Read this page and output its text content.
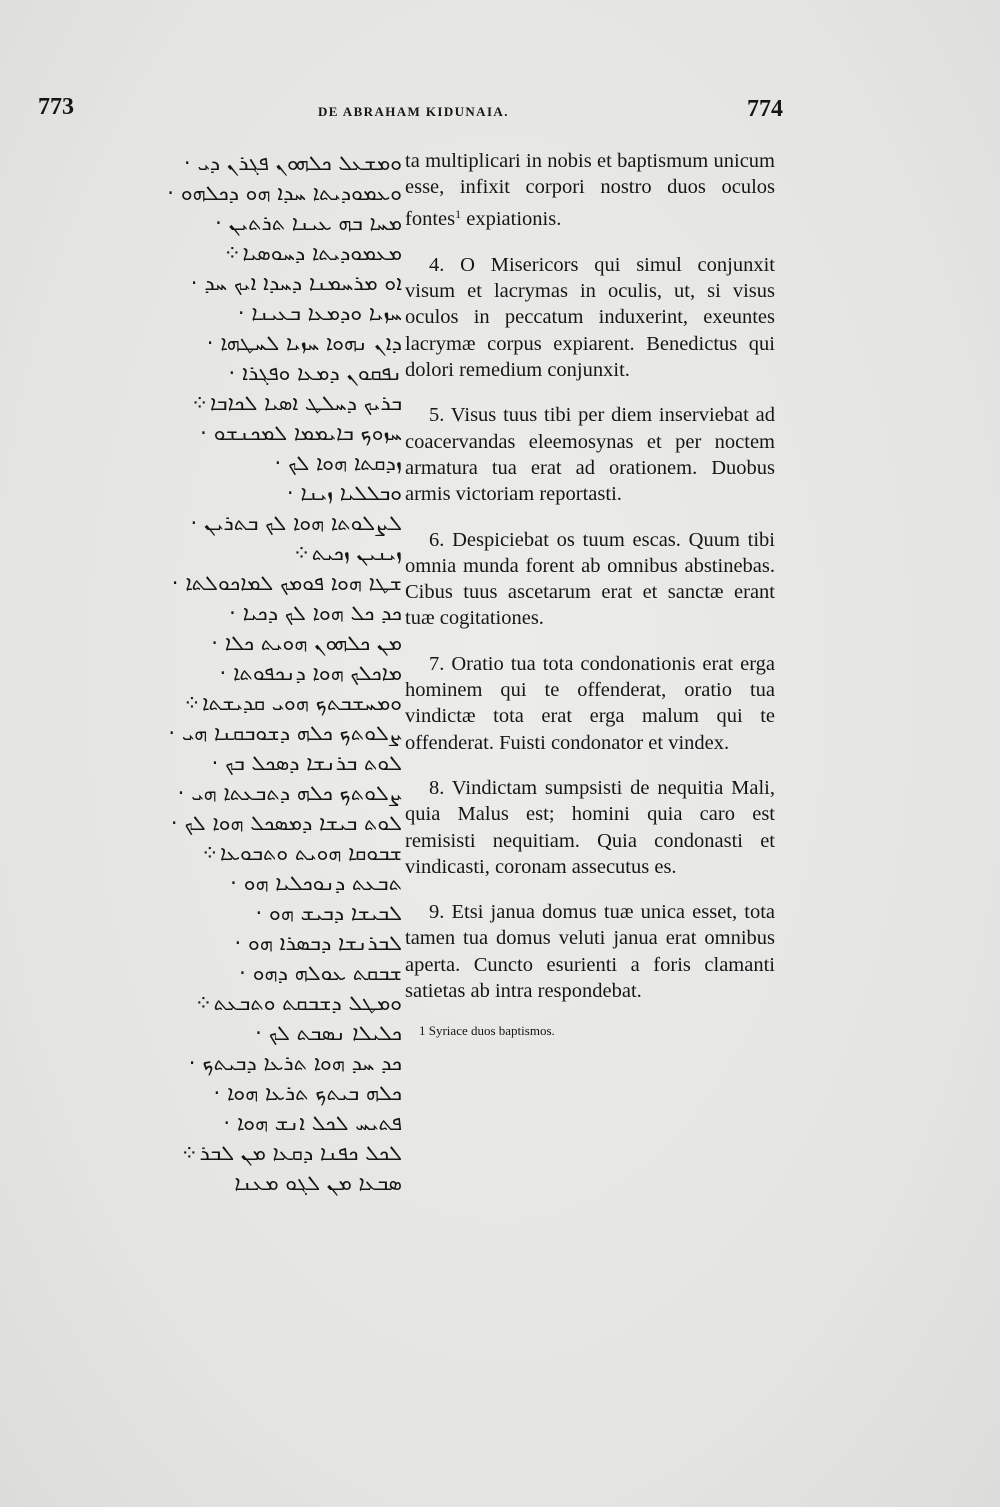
773	DE ABRAHAM KIDUNAIA.	774
ܘܡܫܥܠ ܟܠܗܘܢ ܦܓܪܢ ܕܝ·
ܘܥܡܘܕܝܬܐ ܚܕܐ ܗܘ ܕܟܠܗܘ·
ܡܚܐ ܒܗ ܥܝܢܐ ܬܪܬܝܢ·
ܡܥܡܘܕܝܬܐ ܕܚܘܣܝܐ⁘
ܐܘ ܡܪܚܡܢܐ ܕܚܕܐ ܐܝܟ ܚܕ·
ܚܙܝܐ ܘܕܡܥܐ ܒܥܝܢܐ·
ܕܐܢ ܢܗܘܐ ܚܙܝܐ ܠܚܛܗܐ·
ܢܦܩܘܢ ܕܡܥܐ ܘܦܓܪܐ·
ܒܪܝܟ ܕܚܠܛ ܐܣܝܐ ܠܟܐܒܐ⁘
ܚܙܘܟ ܒܐܝܡܡܐ ܠܡܟܢܫܘ·
ܙܕܩܬܐ ܗܘܐ ܠܟ·
ܘܒܠܠܝܐ ܙܝܢܐ·
ܠܨܠܘܬܐ ܗܘܐ ܠܟ ܒܬܪܝܢ·
ܙܝܢܝܢ ܙܟܝܬ⁘
ܫܛܐ ܗܘܐ ܦܘܡܟ ܠܡܐܟܘܠܬܐ·
ܟܕ ܟܠ ܗܘܐ ܠܟ ܕܟܝܐ·
ܡܢ ܟܠܗܘܢ ܗܘܝܬ ܟܠܐ·
ܡܐܟܠܟ ܗܘܐ ܕܢܟܦܘܬܐ·
ܘܡܚܫܒܬܟ ܗܘܝ ܩܕܝܫܬܐ⁘
ܨܠܘܬܟ ܟܠܗ ܕܫܘܒܩܢܐ ܗܝ·
ܠܘܬ ܒܪܢܫܐ ܕܣܟܠ ܒܟ·
ܨܠܘܬܟ ܟܠܗ ܕܬܒܥܬܐ ܗܝ·
ܠܘܬ ܒܝܫܐ ܕܡܣܟܠ ܗܘܐ ܠܟ·
ܫܒܘܩܐ ܗܘܝܬ ܘܬܒܘܥܐ⁘
ܬܒܥܬ ܕܢܘܟܠܝܐ ܗܘ·
ܠܒܝܫܐ ܕܒܝܫ ܗܘ·
ܠܒܪܢܫܐ ܕܒܣܪܐ ܗܘ·
ܫܒܩܬ ܥܘܠܗ ܕܗܘ·
ܘܡܛܠ ܕܫܒܩܬ ܘܬܒܥܬ⁘
ܟܠܝܠܐ ܢܣܒܬ ܠܟ·
ܟܕ ܚܕ ܗܘܐ ܬܪܥܐ ܕܒܝܬܟ·
ܟܠܗ ܒܝܬܟ ܬܪܥܐ ܗܘܐ·
ܦܬܝܚ ܠܟܠ ܐܢܫ ܗܘܐ·
ܠܟܠ ܟܦܢܐ ܕܩܥܐ ܡܢ ܠܒܪ⁘
ܣܒܥܐ ܡܢ ܠܓܘ ܡܥܢܐ

ta multiplicari in nobis et baptismum unicum esse, infixit corpori nostro duos oculos fontes$^1$ expiationis.

4. O Misericors qui simul conjunxit visum et lacrymas in oculis, ut, si visus oculos in peccatum induxerint, exeuntes lacrymæ corpus expiarent. Benedictus qui dolori remedium conjunxit.

5. Visus tuus tibi per diem inserviebat ad coacervandas eleemosynas et per noctem armatura tua erat ad orationem. Duobus armis victoriam reportasti.

6. Despiciebat os tuum escas. Quum tibi omnia munda forent ab omnibus abstinebas. Cibus tuus ascetarum erat et sanctæ erant tuæ cogitationes.

7. Oratio tua tota condonationis erat erga hominem qui te offenderat, oratio tua vindictæ tota erat erga malum qui te offenderat. Fuisti condonator et vindex.

8. Vindictam sumpsisti de nequitia Mali, quia Malus est; homini quia caro est remisisti nequitiam. Quia condonasti et vindicasti, coronam assecutus es.

9. Etsi janua domus tuæ unica esset, tota tamen tua domus veluti janua erat omnibus aperta. Cuncto esurienti a foris clamanti satietas ab intra respondebat.

1 Syriace duos baptismos.
